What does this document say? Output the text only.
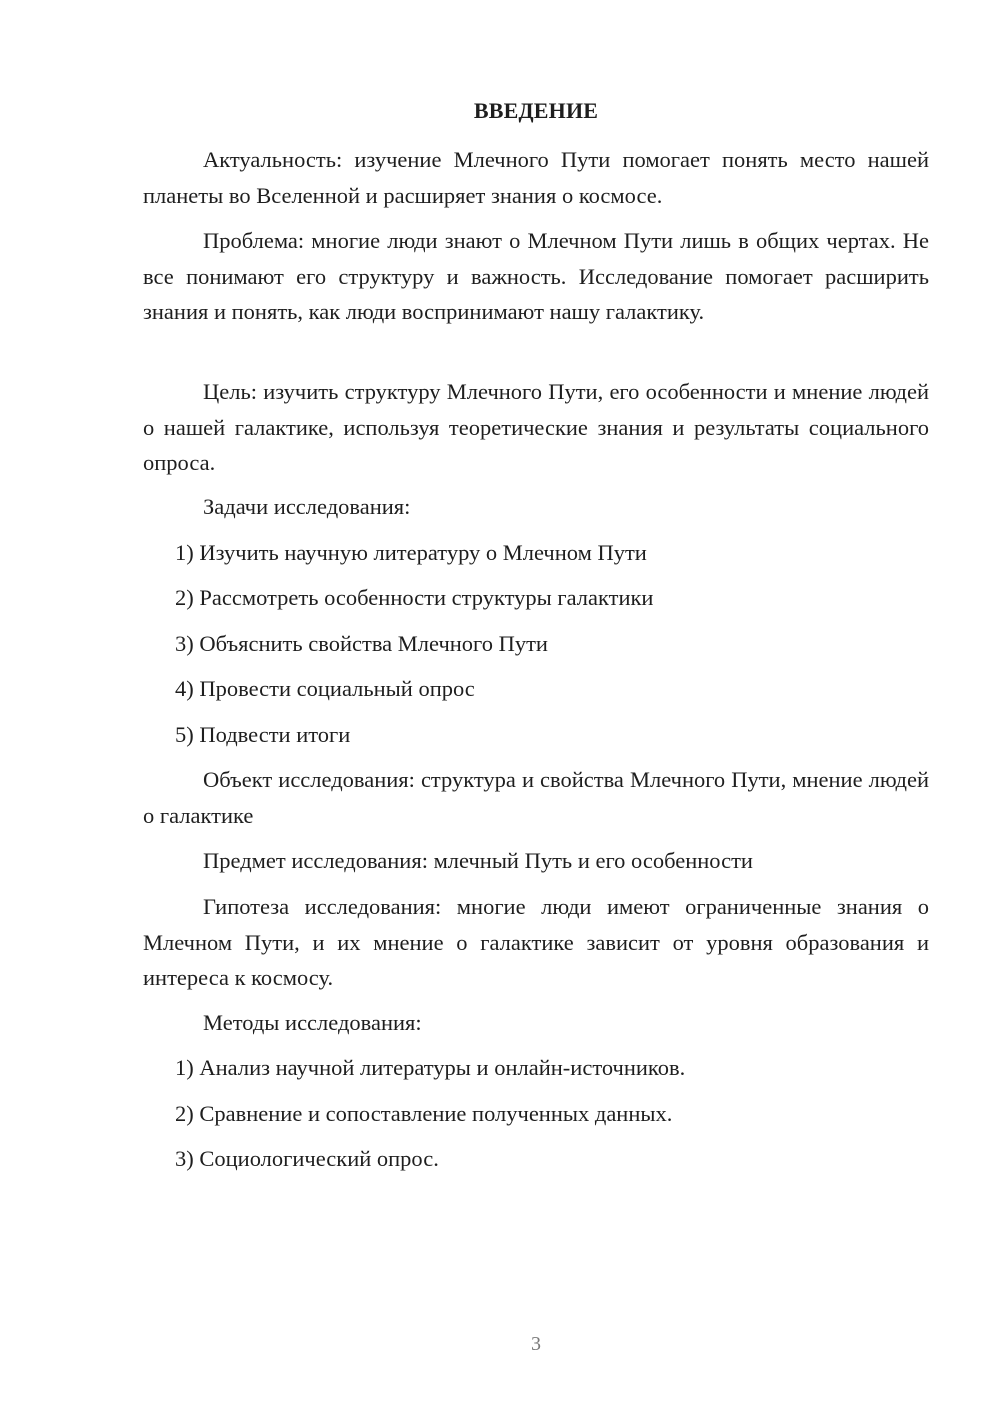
ВВЕДЕНИЕ

Актуальность: изучение Млечного Пути помогает понять место нашей планеты во Вселенной и расширяет знания о космосе.

Проблема: многие люди знают о Млечном Пути лишь в общих чертах. Не все понимают его структуру и важность. Исследование помогает расширить знания и понять, как люди воспринимают нашу галактику.

Цель: изучить структуру Млечного Пути, его особенности и мнение людей о нашей галактике, используя теоретические знания и результаты социального опроса.

Задачи исследования:

1) Изучить научную литературу о Млечном Пути

2) Рассмотреть особенности структуры галактики

3) Объяснить свойства Млечного Пути

4) Провести социальный опрос

5) Подвести итоги

Объект исследования: структура и свойства Млечного Пути, мнение людей о галактике

Предмет исследования: млечный Путь и его особенности

Гипотеза исследования: многие люди имеют ограниченные знания о Млечном Пути, и их мнение о галактике зависит от уровня образования и интереса к космосу.

Методы исследования:

1) Анализ научной литературы и онлайн-источников.

2) Сравнение и сопоставление полученных данных.

3) Социологический опрос.

3
